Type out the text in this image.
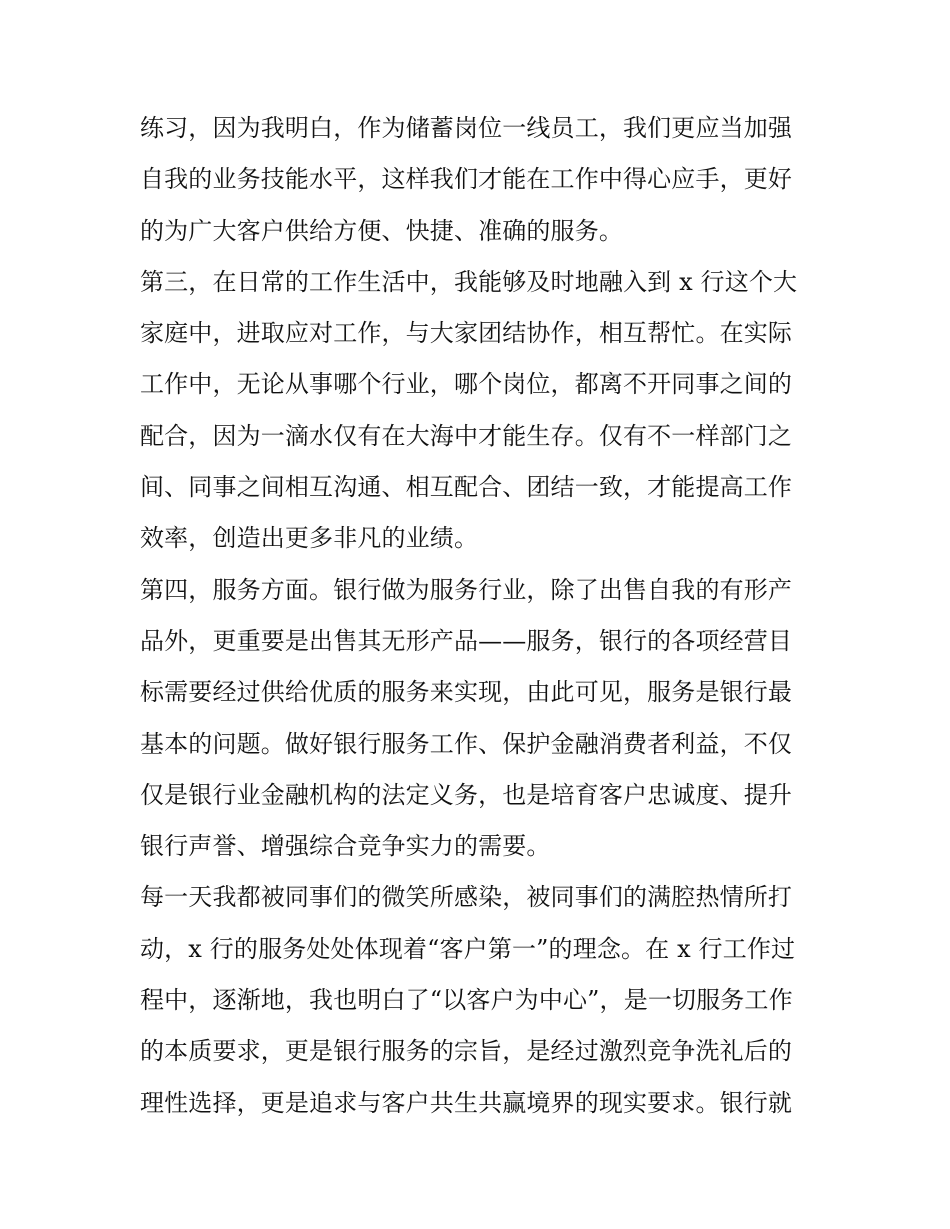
练习，因为我明白，作为储蓄岗位一线员工，我们更应当加强
自我的业务技能水平，这样我们才能在工作中得心应手，更好
的为广大客户供给方便、快捷、准确的服务。
第三，在日常的工作生活中，我能够及时地融入到 x 行这个大
家庭中，进取应对工作，与大家团结协作，相互帮忙。在实际
工作中，无论从事哪个行业，哪个岗位，都离不开同事之间的
配合，因为一滴水仅有在大海中才能生存。仅有不一样部门之
间、同事之间相互沟通、相互配合、团结一致，才能提高工作
效率，创造出更多非凡的业绩。
第四，服务方面。银行做为服务行业，除了出售自我的有形产
品外，更重要是出售其无形产品——服务，银行的各项经营目
标需要经过供给优质的服务来实现，由此可见，服务是银行最
基本的问题。做好银行服务工作、保护金融消费者利益，不仅
仅是银行业金融机构的法定义务，也是培育客户忠诚度、提升
银行声誉、增强综合竞争实力的需要。
每一天我都被同事们的微笑所感染，被同事们的满腔热情所打
动，x 行的服务处处体现着“客户第一”的理念。在 x 行工作过
程中，逐渐地，我也明白了“以客户为中心”，是一切服务工作
的本质要求，更是银行服务的宗旨，是经过激烈竞争洗礼后的
理性选择，更是追求与客户共生共赢境界的现实要求。银行就
